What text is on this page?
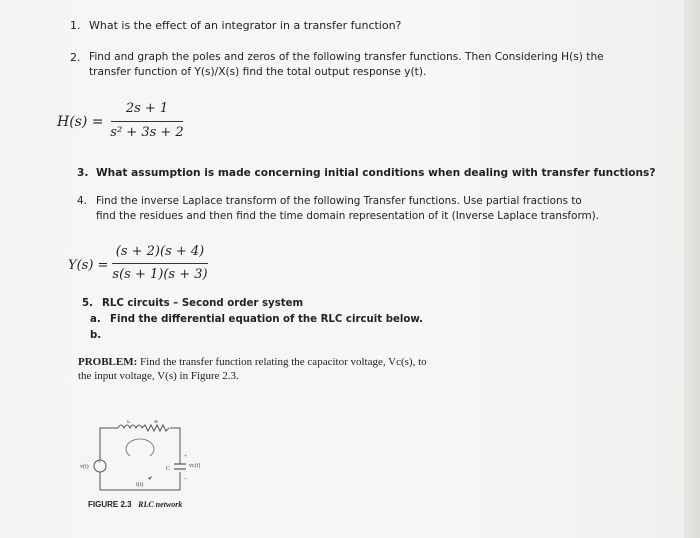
1. What is the effect of an integrator in a transfer function?
2. Find and graph the poles and zeros of the following transfer functions. Then Considering H(s) the
transfer function of Y(s)/X(s) find the total output response y(t).
H(s) =
2s + 1
s² + 3s + 2
3. What assumption is made concerning initial conditions when dealing with transfer functions?
4. Find the inverse Laplace transform of the following Transfer functions. Use partial fractions to
find the residues and then find the time domain representation of it (Inverse Laplace transform).
Y(s) =
(s + 2)(s + 4)
s(s + 1)(s + 3)
5. RLC circuits – Second order system
a. Find the differential equation of the RLC circuit below.
b.
PROBLEM: Find the transfer function relating the capacitor voltage, Vc(s), to
the input voltage, V(s) in Figure 2.3.
+
L	R
C
v(t)
i(t)
vc(t)
+
−
FIGURE 2.3 RLC network
